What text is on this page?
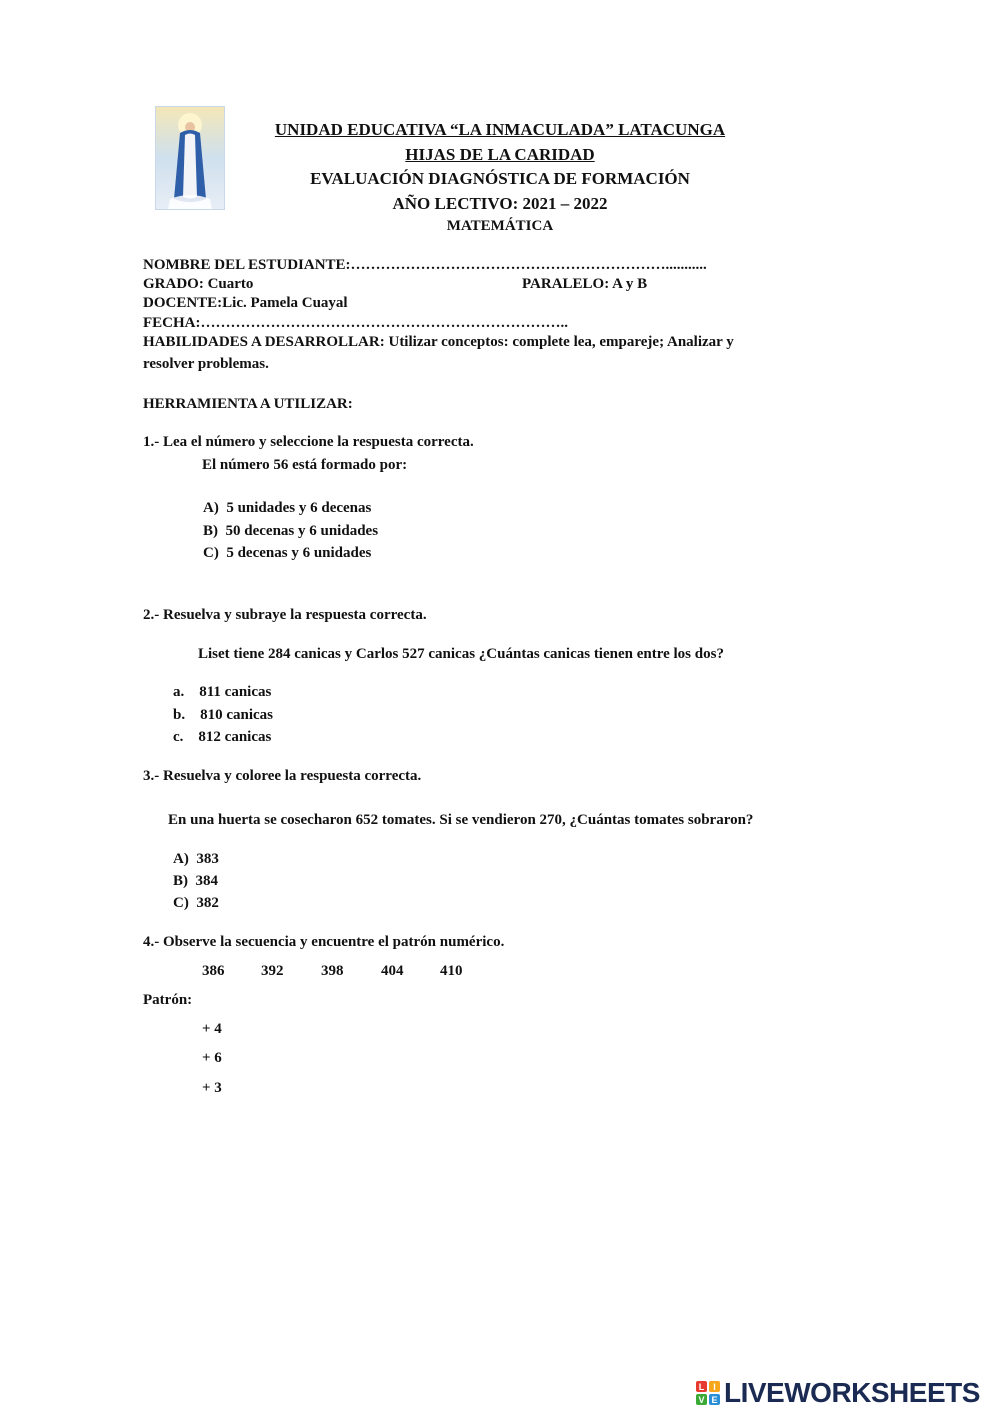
UNIDAD EDUCATIVA “LA INMACULADA” LATACUNGA
HIJAS DE LA CARIDAD
EVALUACIÓN DIAGNÓSTICA DE FORMACIÓN
AÑO LECTIVO: 2021 – 2022
MATEMÁTICA
NOMBRE DEL ESTUDIANTE:………………………………………………………...........
GRADO: Cuarto	PARALELO: A y B
DOCENTE:Lic. Pamela Cuayal
FECHA:………………………………………………………………..
HABILIDADES A DESARROLLAR: Utilizar conceptos: complete lea, empareje; Analizar y
resolver problemas.
HERRAMIENTA A UTILIZAR:
1.- Lea el número y seleccione la respuesta correcta.
El número 56 está formado por:
A) 5 unidades y 6 decenas
B) 50 decenas y 6 unidades
C) 5 decenas y 6 unidades
2.- Resuelva y subraye la respuesta correcta.
Liset tiene 284 canicas y Carlos 527 canicas ¿Cuántas canicas tienen entre los dos?
a. 811 canicas
b. 810 canicas
c. 812 canicas
3.- Resuelva y coloree la respuesta correcta.
En una huerta se cosecharon 652 tomates. Si se vendieron 270, ¿Cuántas tomates sobraron?
A) 383
B) 384
C) 382
4.- Observe la secuencia y encuentre el patrón numérico.
386 392	398	404 410
Patrón:
+ 4
+ 6
+ 3
L I
V E LIVEWORKSHEETS
